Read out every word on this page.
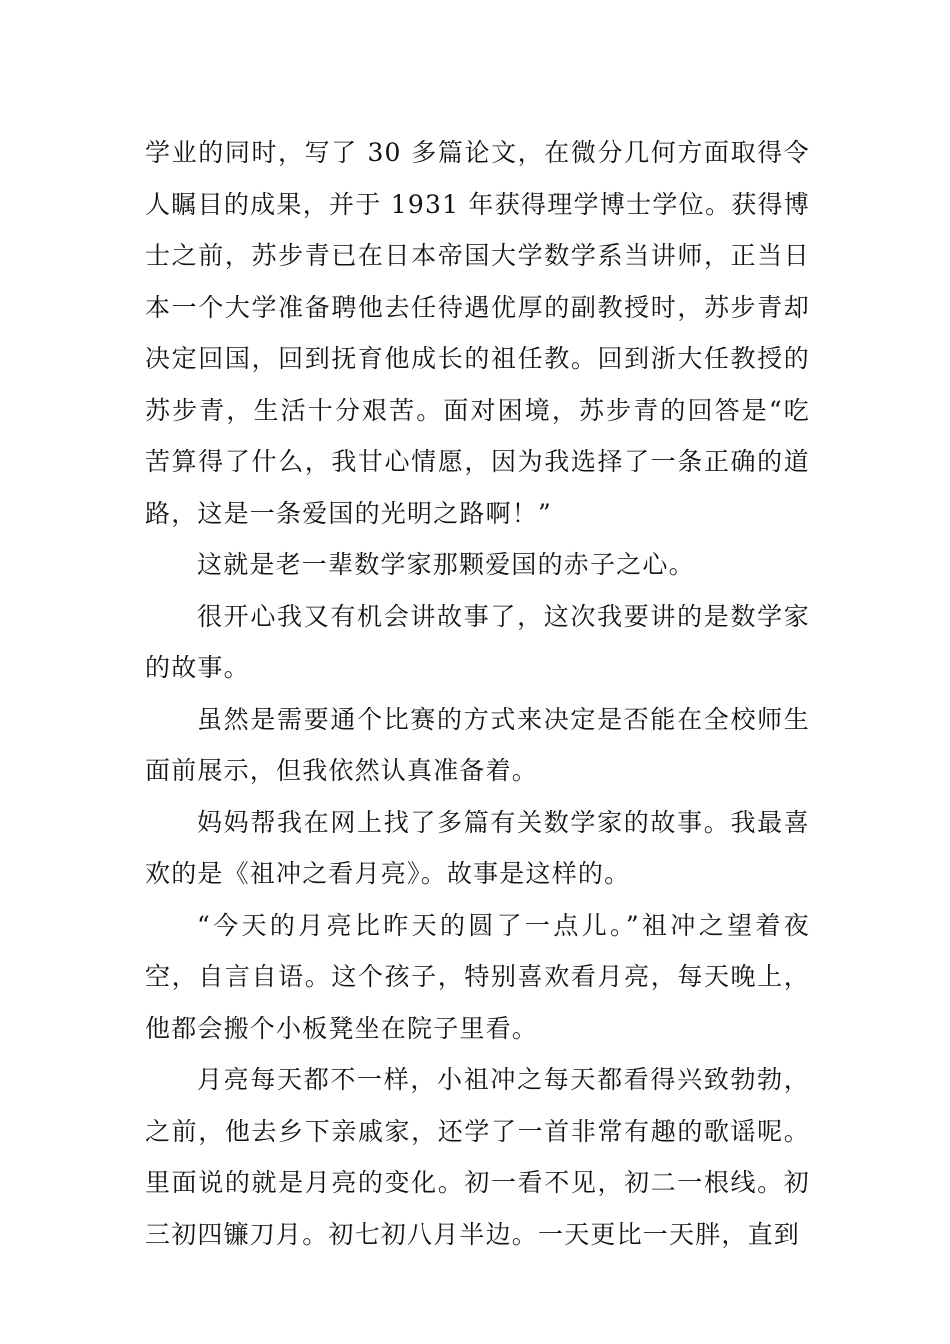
学业的同时，写了 30 多篇论文，在微分几何方面取得令人瞩目的成果，并于 1931 年获得理学博士学位。获得博士之前，苏步青已在日本帝国大学数学系当讲师，正当日本一个大学准备聘他去任待遇优厚的副教授时，苏步青却决定回国，回到抚育他成长的祖任教。回到浙大任教授的苏步青，生活十分艰苦。面对困境，苏步青的回答是“吃苦算得了什么，我甘心情愿，因为我选择了一条正确的道路，这是一条爱国的光明之路啊！”

这就是老一辈数学家那颗爱国的赤子之心。

很开心我又有机会讲故事了，这次我要讲的是数学家的故事。

虽然是需要通个比赛的方式来决定是否能在全校师生面前展示，但我依然认真准备着。

妈妈帮我在网上找了多篇有关数学家的故事。我最喜欢的是《祖冲之看月亮》。故事是这样的。

“今天的月亮比昨天的圆了一点儿。”祖冲之望着夜空，自言自语。这个孩子，特别喜欢看月亮，每天晚上，他都会搬个小板凳坐在院子里看。

月亮每天都不一样，小祖冲之每天都看得兴致勃勃，之前，他去乡下亲戚家，还学了一首非常有趣的歌谣呢。里面说的就是月亮的变化。初一看不见，初二一根线。初三初四镰刀月。初七初八月半边。一天更比一天胖，直到
